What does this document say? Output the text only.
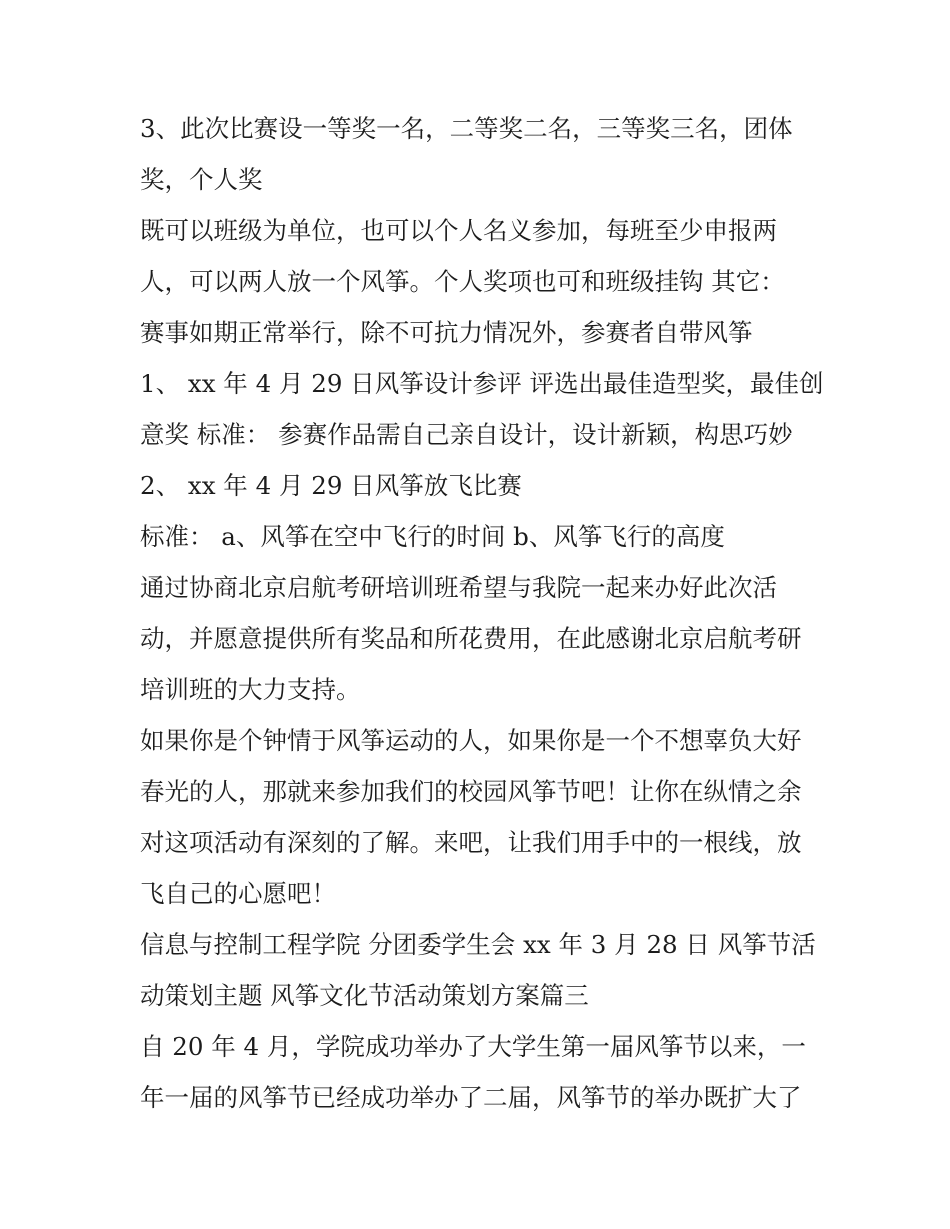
3、此次比赛设一等奖一名，二等奖二名，三等奖三名，团体
奖，个人奖
既可以班级为单位，也可以个人名义参加，每班至少申报两
人，可以两人放一个风筝。个人奖项也可和班级挂钩 其它：
赛事如期正常举行，除不可抗力情况外，参赛者自带风筝
1、 xx 年 4 月 29 日风筝设计参评 评选出最佳造型奖，最佳创
意奖 标准： 参赛作品需自己亲自设计，设计新颖，构思巧妙
2、 xx 年 4 月 29 日风筝放飞比赛
标准： a、风筝在空中飞行的时间 b、风筝飞行的高度
通过协商北京启航考研培训班希望与我院一起来办好此次活
动，并愿意提供所有奖品和所花费用，在此感谢北京启航考研
培训班的大力支持。
如果你是个钟情于风筝运动的人，如果你是一个不想辜负大好
春光的人，那就来参加我们的校园风筝节吧！让你在纵情之余
对这项活动有深刻的了解。来吧，让我们用手中的一根线，放
飞自己的心愿吧！
信息与控制工程学院 分团委学生会 xx 年 3 月 28 日 风筝节活
动策划主题 风筝文化节活动策划方案篇三
自 20 年 4 月，学院成功举办了大学生第一届风筝节以来，一
年一届的风筝节已经成功举办了二届，风筝节的举办既扩大了
